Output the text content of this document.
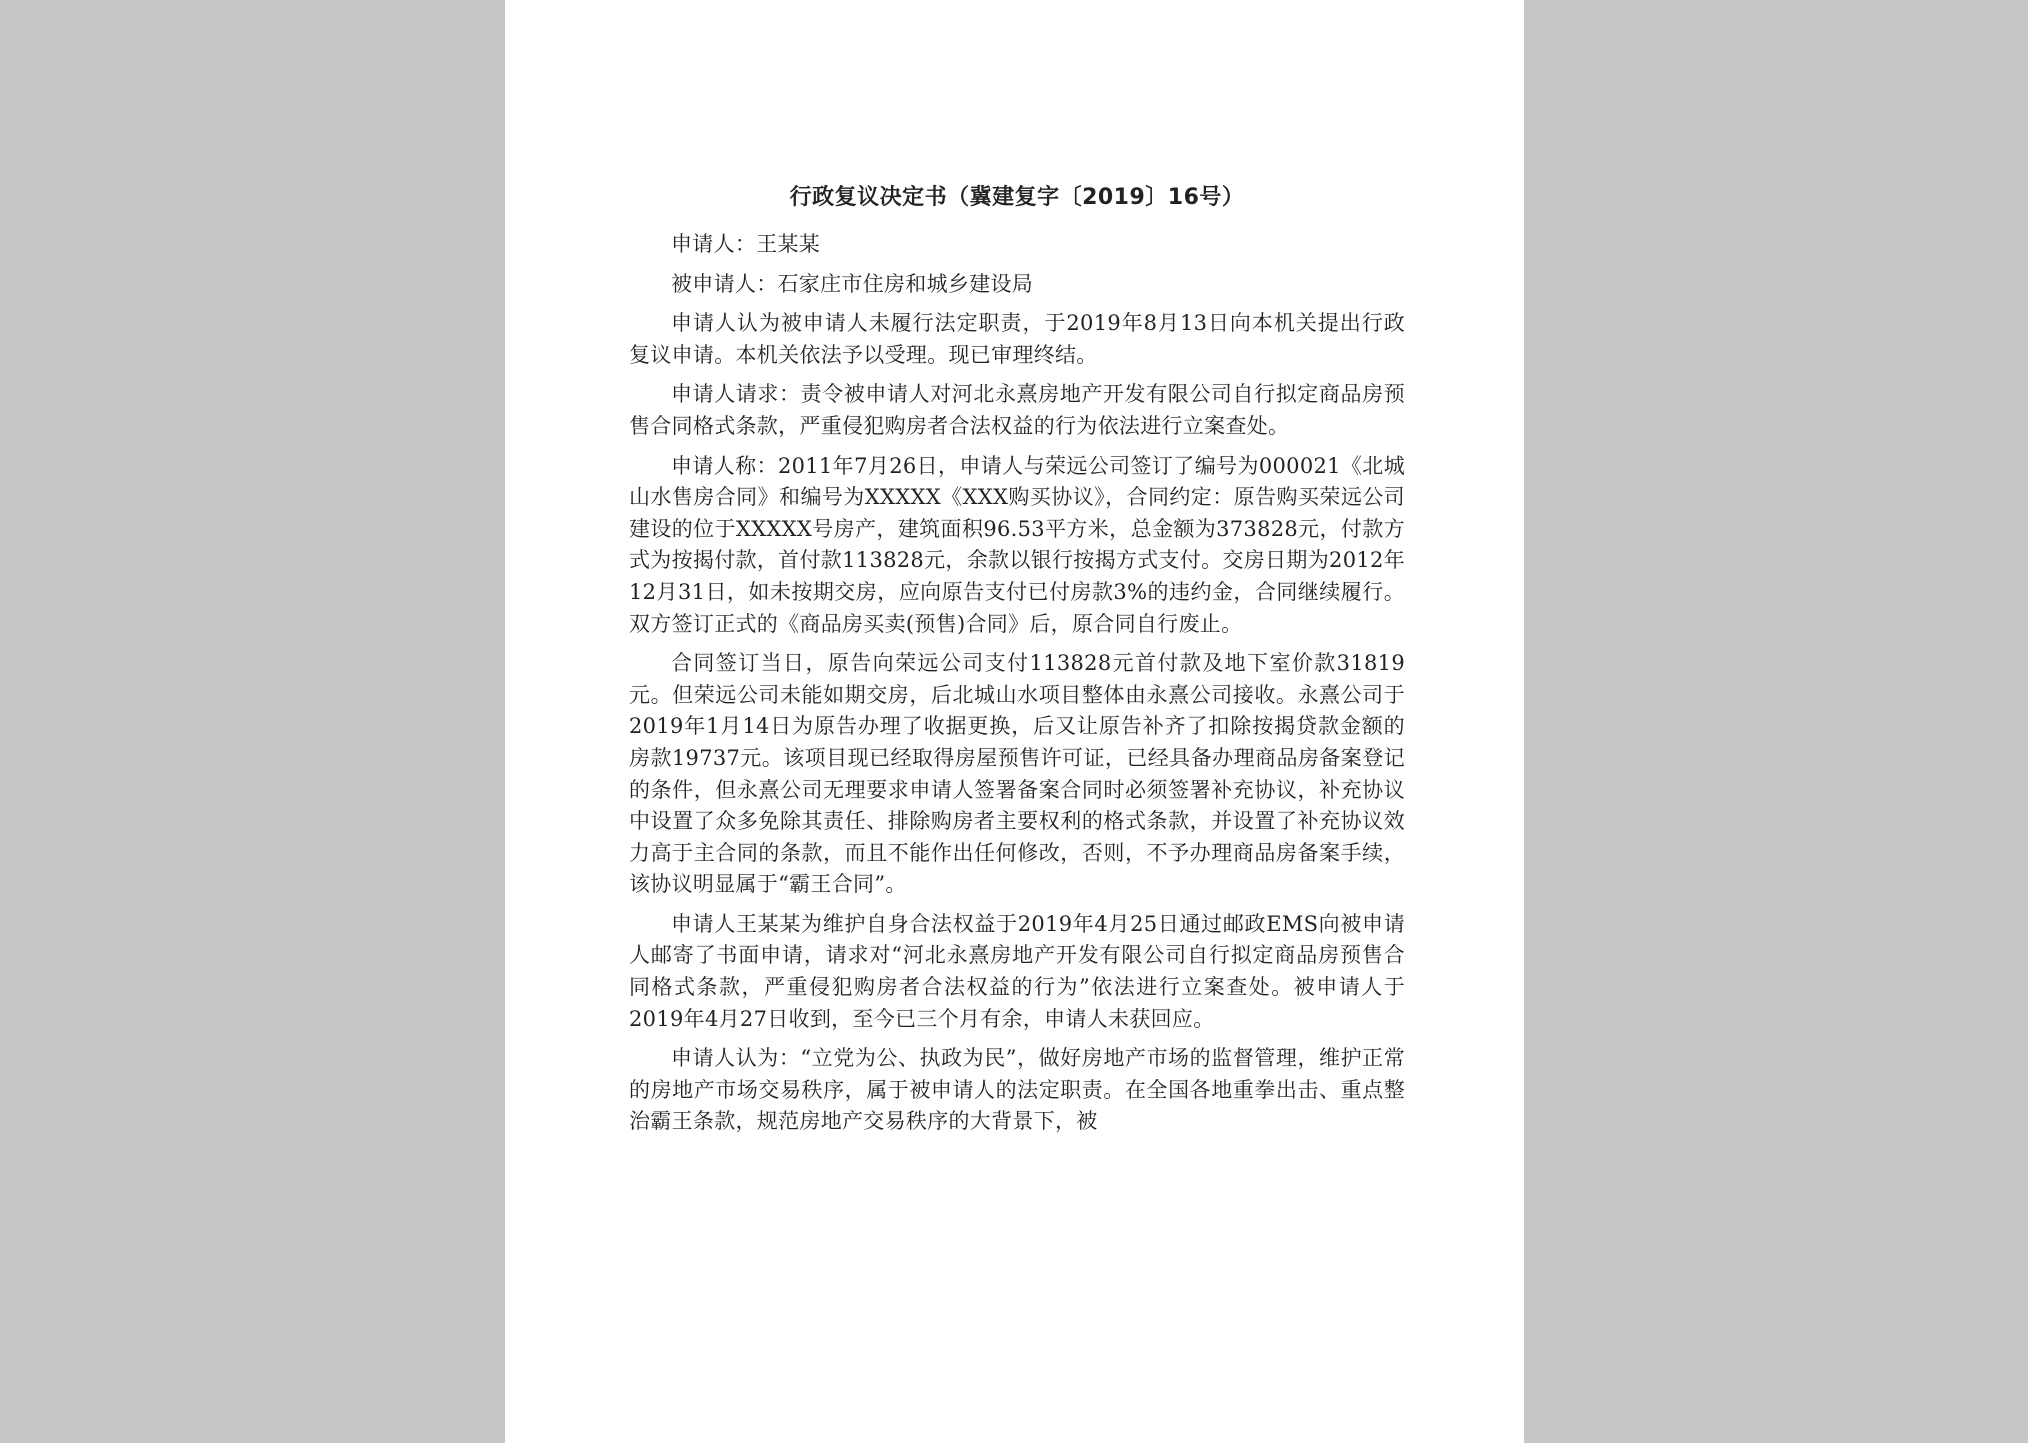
行政复议决定书（冀建复字〔2019〕16号）

申请人：王某某

被申请人：石家庄市住房和城乡建设局

申请人认为被申请人未履行法定职责，于2019年8月13日向本机关提出行政复议申请。本机关依法予以受理。现已审理终结。

申请人请求：责令被申请人对河北永熹房地产开发有限公司自行拟定商品房预售合同格式条款，严重侵犯购房者合法权益的行为依法进行立案查处。

申请人称：2011年7月26日，申请人与荣远公司签订了编号为000021《北城山水售房合同》和编号为XXXXX《XXX购买协议》，合同约定：原告购买荣远公司建设的位于XXXXX号房产，建筑面积96.53平方米，总金额为373828元，付款方式为按揭付款，首付款113828元，余款以银行按揭方式支付。交房日期为2012年12月31日，如未按期交房，应向原告支付已付房款3%的违约金，合同继续履行。双方签订正式的《商品房买卖(预售)合同》后，原合同自行废止。

合同签订当日，原告向荣远公司支付113828元首付款及地下室价款31819元。但荣远公司未能如期交房，后北城山水项目整体由永熹公司接收。永熹公司于2019年1月14日为原告办理了收据更换，后又让原告补齐了扣除按揭贷款金额的房款19737元。该项目现已经取得房屋预售许可证，已经具备办理商品房备案登记的条件，但永熹公司无理要求申请人签署备案合同时必须签署补充协议，补充协议中设置了众多免除其责任、排除购房者主要权利的格式条款，并设置了补充协议效力高于主合同的条款，而且不能作出任何修改，否则，不予办理商品房备案手续，该协议明显属于“霸王合同”。

申请人王某某为维护自身合法权益于2019年4月25日通过邮政EMS向被申请人邮寄了书面申请，请求对“河北永熹房地产开发有限公司自行拟定商品房预售合同格式条款，严重侵犯购房者合法权益的行为”依法进行立案查处。被申请人于2019年4月27日收到，至今已三个月有余，申请人未获回应。

申请人认为：“立党为公、执政为民”，做好房地产市场的监督管理，维护正常的房地产市场交易秩序，属于被申请人的法定职责。在全国各地重拳出击、重点整治霸王条款，规范房地产交易秩序的大背景下，被
